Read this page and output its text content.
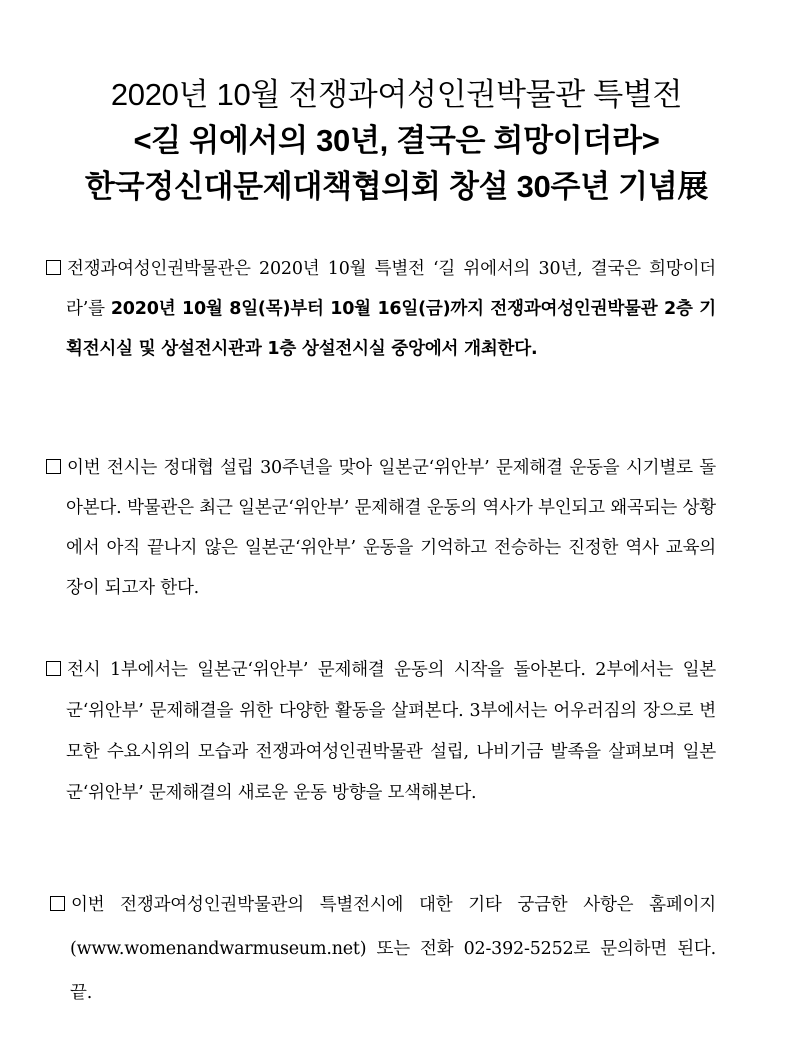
2020년 10월 전쟁과여성인권박물관 특별전
<길 위에서의 30년, 결국은 희망이더라>
한국정신대문제대책협의회 창설 30주년 기념展
전쟁과여성인권박물관은 2020년 10월 특별전 ‘길 위에서의 30년, 결국은 희망이더라’를 2020년 10월 8일(목)부터 10월 16일(금)까지 전쟁과여성인권박물관 2층 기획전시실 및 상설전시관과 1층 상설전시실 중앙에서 개최한다.
이번 전시는 정대협 설립 30주년을 맞아 일본군‘위안부’ 문제해결 운동을 시기별로 돌아본다. 박물관은 최근 일본군‘위안부’ 문제해결 운동의 역사가 부인되고 왜곡되는 상황에서 아직 끝나지 않은 일본군‘위안부’ 운동을 기억하고 전승하는 진정한 역사 교육의 장이 되고자 한다.
전시 1부에서는 일본군‘위안부’ 문제해결 운동의 시작을 돌아본다. 2부에서는 일본군‘위안부’ 문제해결을 위한 다양한 활동을 살펴본다. 3부에서는 어우러짐의 장으로 변모한 수요시위의 모습과 전쟁과여성인권박물관 설립, 나비기금 발족을 살펴보며 일본군‘위안부’ 문제해결의 새로운 운동 방향을 모색해본다.
이번 전쟁과여성인권박물관의 특별전시에 대한 기타 궁금한 사항은 홈페이지(www.womenandwarmuseum.net) 또는 전화 02-392-5252로 문의하면 된다. 끝.
